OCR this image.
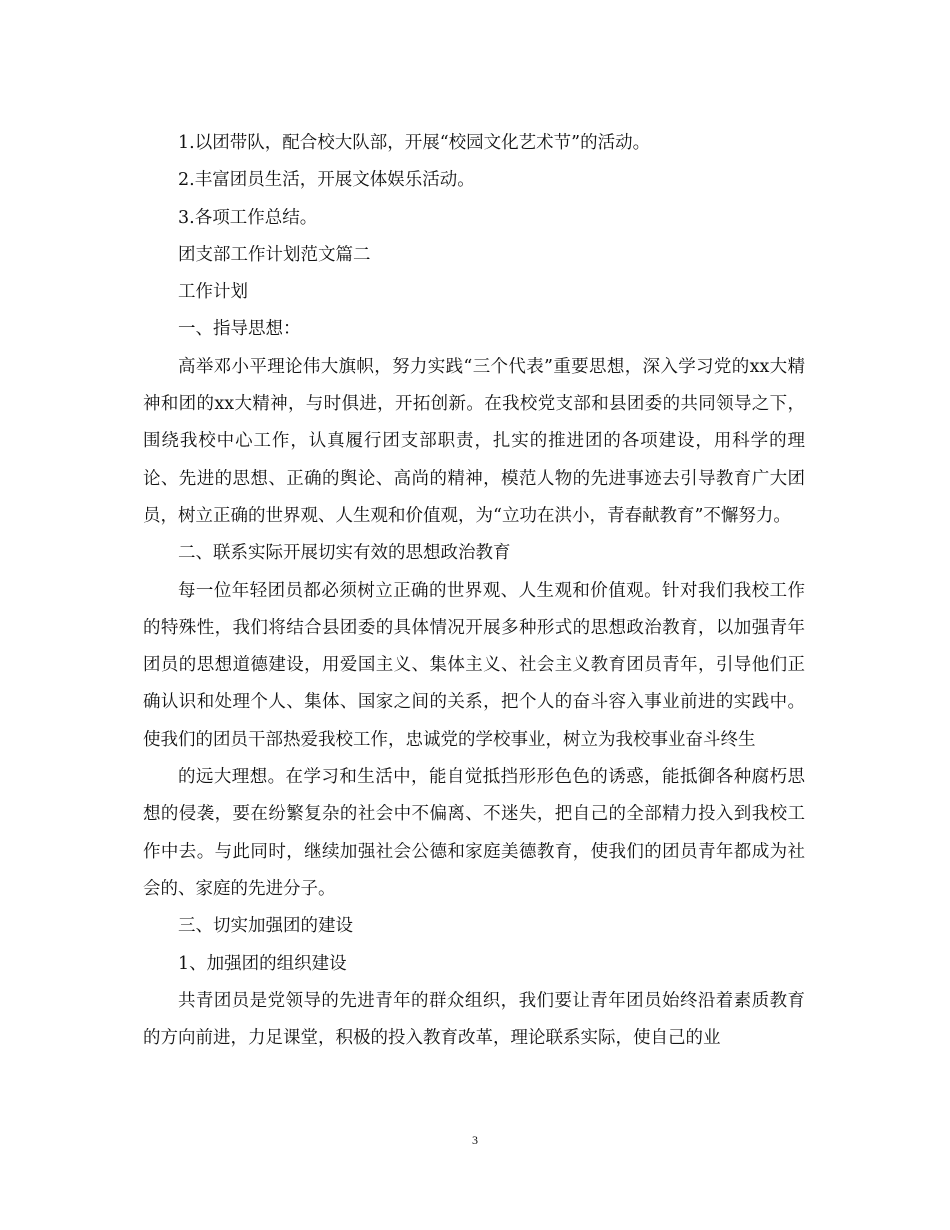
1.以团带队，配合校大队部，开展“校园文化艺术节”的活动。

2.丰富团员生活，开展文体娱乐活动。

3.各项工作总结。

团支部工作计划范文篇二

工作计划

一、指导思想：

高举邓小平理论伟大旗帜，努力实践“三个代表”重要思想，深入学习党的xx大精神和团的xx大精神，与时俱进，开拓创新。在我校党支部和县团委的共同领导之下，围绕我校中心工作，认真履行团支部职责，扎实的推进团的各项建设，用科学的理论、先进的思想、正确的舆论、高尚的精神，模范人物的先进事迹去引导教育广大团员，树立正确的世界观、人生观和价值观，为“立功在洪小，青春献教育”不懈努力。

二、联系实际开展切实有效的思想政治教育

每一位年轻团员都必须树立正确的世界观、人生观和价值观。针对我们我校工作的特殊性，我们将结合县团委的具体情况开展多种形式的思想政治教育，以加强青年团员的思想道德建设，用爱国主义、集体主义、社会主义教育团员青年，引导他们正确认识和处理个人、集体、国家之间的关系，把个人的奋斗容入事业前进的实践中。使我们的团员干部热爱我校工作，忠诚党的学校事业，树立为我校事业奋斗终生

的远大理想。在学习和生活中，能自觉抵挡形形色色的诱惑，能抵御各种腐朽思想的侵袭，要在纷繁复杂的社会中不偏离、不迷失，把自己的全部精力投入到我校工作中去。与此同时，继续加强社会公德和家庭美德教育，使我们的团员青年都成为社会的、家庭的先进分子。

三、切实加强团的建设

1、加强团的组织建设

共青团员是党领导的先进青年的群众组织，我们要让青年团员始终沿着素质教育的方向前进，力足课堂，积极的投入教育改革，理论联系实际，使自己的业

3
